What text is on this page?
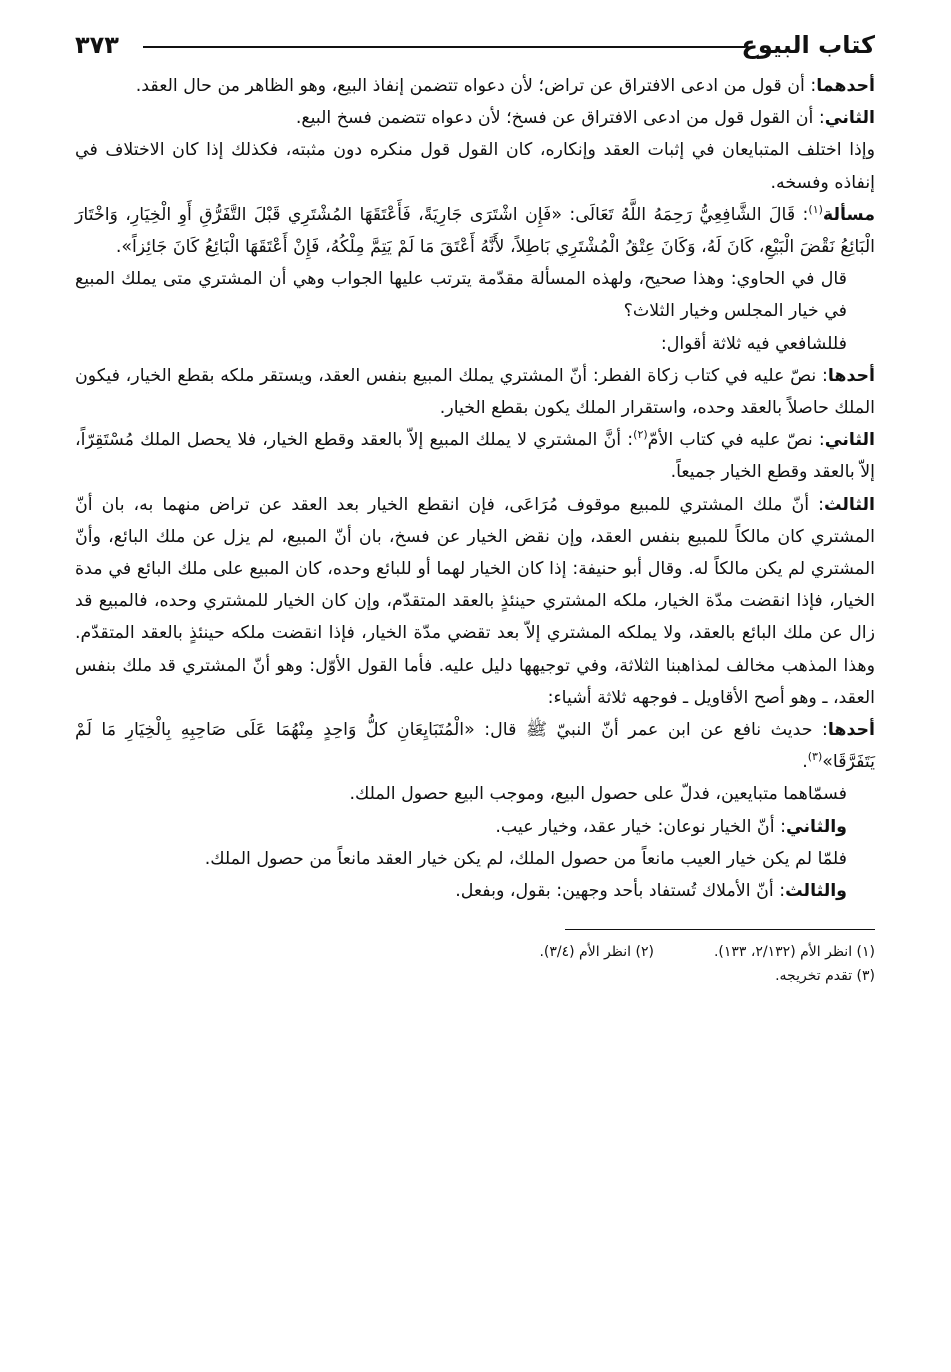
كتاب البيوع
٣٧٣

أحدهما: أن قول من ادعى الافتراق عن تراض؛ لأن دعواه تتضمن إنفاذ البيع، وهو الظاهر من حال العقد.

الثاني: أن القول قول من ادعى الافتراق عن فسخ؛ لأن دعواه تتضمن فسخ البيع.

وإذا اختلف المتبايعان في إثبات العقد وإنكاره، كان القول قول منكره دون مثبته، فكذلك إذا كان الاختلاف في إنفاذه وفسخه.

مسألة$^{(١)}$: قَالَ الشَّافِعِيُّ رَحِمَهُ اللَّهُ تَعَالَى: «فَإِن اشْتَرَى جَارِيَةً، فَأَعْتَقَهَا المُشْتَرِي قَبْلَ التَّفَرُّقِ أَوِ الْخِيَارِ، وَاخْتَارَ الْبَائِعُ نَقْضَ الْبَيْعِ، كَانَ لَهُ، وَكَانَ عِتْقُ الْمُشْتَرِي بَاطِلاً، لأَنَّهُ أَعْتَقَ مَا لَمْ يَتِمَّ مِلْكُهُ، فَإِنْ أَعْتَقَهَا الْبَائِعُ كَانَ جَائِزاً».

قال في الحاوي: وهذا صحيح، ولهذه المسألة مقدّمة يترتب عليها الجواب وهي أن المشتري متى يملك المبيع في خيار المجلس وخيار الثلاث؟

فللشافعي فيه ثلاثة أقوال:

أحدها: نصّ عليه في كتاب زكاة الفطر: أنّ المشتري يملك المبيع بنفس العقد، ويستقر ملكه بقطع الخيار، فيكون الملك حاصلاً بالعقد وحده، واستقرار الملك يكون بقطع الخيار.

الثاني: نصّ عليه في كتاب الأمّ$^{(٢)}$: أنَّ المشتري لا يملك المبيع إلاّ بالعقد وقطع الخيار، فلا يحصل الملك مُسْتَقِرّاً، إلاّ بالعقد وقطع الخيار جميعاً.

الثالث: أنّ ملك المشتري للمبيع موقوف مُرَاعَى، فإن انقطع الخيار بعد العقد عن تراض منهما به، بان أنّ المشتري كان مالكاً للمبيع بنفس العقد، وإن نقض الخيار عن فسخ، بان أنّ المبيع، لم يزل عن ملك البائع، وأنّ المشتري لم يكن مالكاً له. وقال أبو حنيفة: إذا كان الخيار لهما أو للبائع وحده، كان المبيع على ملك البائع في مدة الخيار، فإذا انقضت مدّة الخيار، ملكه المشتري حينئذٍ بالعقد المتقدّم، وإن كان الخيار للمشتري وحده، فالمبيع قد زال عن ملك البائع بالعقد، ولا يملكه المشتري إلاّ بعد تقضي مدّة الخيار، فإذا انقضت ملكه حينئذٍ بالعقد المتقدّم. وهذا المذهب مخالف لمذاهبنا الثلاثة، وفي توجيهها دليل عليه. فأما القول الأوّل: وهو أنّ المشتري قد ملك بنفس العقد، ـ وهو أصح الأقاويل ـ فوجهه ثلاثة أشياء:

أحدها: حديث نافع عن ابن عمر أنّ النبيّ ﷺ قال: «الْمُتَبَايِعَانِ كلُّ وَاحِدٍ مِنْهُمَا عَلَى صَاحِبِهِ بِالْخِيَارِ مَا لَمْ يَتَفَرَّقَا»$^{(٣)}$.

فسمّاهما متبايعين، فدلّ على حصول البيع، وموجب البيع حصول الملك.

والثاني: أنّ الخيار نوعان: خيار عقد، وخيار عيب.

فلمّا لم يكن خيار العيب مانعاً من حصول الملك، لم يكن خيار العقد مانعاً من حصول الملك.

والثالث: أنّ الأملاك تُستفاد بأحد وجهين: بقول، وبفعل.

(١) انظر الأم (٢/١٣٢، ١٣٣).
(٢) انظر الأم (٣/٤).
(٣) تقدم تخريجه.
